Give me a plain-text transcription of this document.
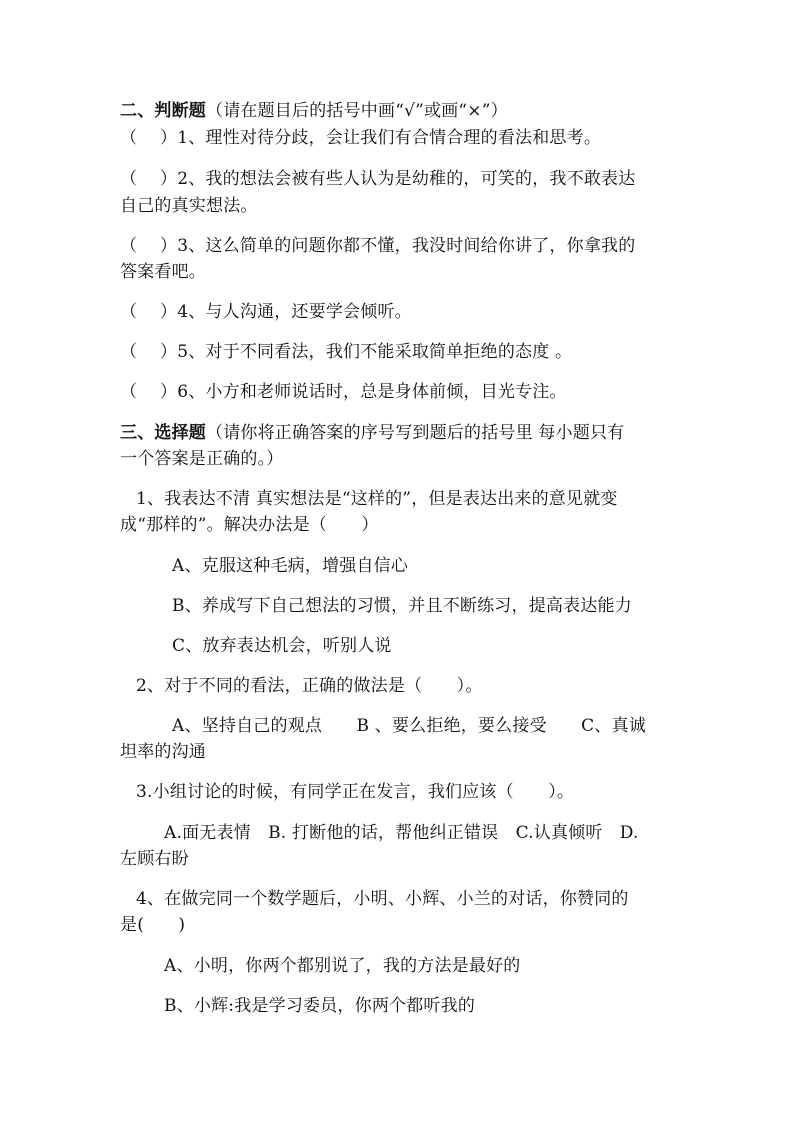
二、判断题（请在题目后的括号中画“√”或画“×”）
（　 ）1、理性对待分歧，会让我们有合情合理的看法和思考。
（　 ）2、我的想法会被有些人认为是幼稚的，可笑的，我不敢表达
自己的真实想法。
（　 ）3、这么简单的问题你都不懂，我没时间给你讲了，你拿我的
答案看吧。
（　 ）4、与人沟通，还要学会倾听。
（　 ）5、对于不同看法，我们不能采取简单拒绝的态度 。
（　 ）6、小方和老师说话时，总是身体前倾，目光专注。
三、选择题（请你将正确答案的序号写到题后的括号里 每小题只有
一个答案是正确的。）
1、我表达不清 真实想法是“这样的”，但是表达出来的意见就变
成“那样的”。解决办法是（　　）
A、克服这种毛病，增强自信心
B、养成写下自己想法的习惯，并且不断练习，提高表达能力
C、放弃表达机会，听别人说
2、对于不同的看法，正确的做法是（　　）。
A、坚持自己的观点　　B 、要么拒绝，要么接受　　C、真诚
坦率的沟通
3.小组讨论的时候，有同学正在发言，我们应该（　　）。
A.面无表情　B. 打断他的话，帮他纠正错误　C.认真倾听　D.
左顾右盼
4、在做完同一个数学题后，小明、小辉、小兰的对话，你赞同的
是(　　)
A、小明，你两个都别说了，我的方法是最好的
B、小辉:我是学习委员，你两个都听我的
